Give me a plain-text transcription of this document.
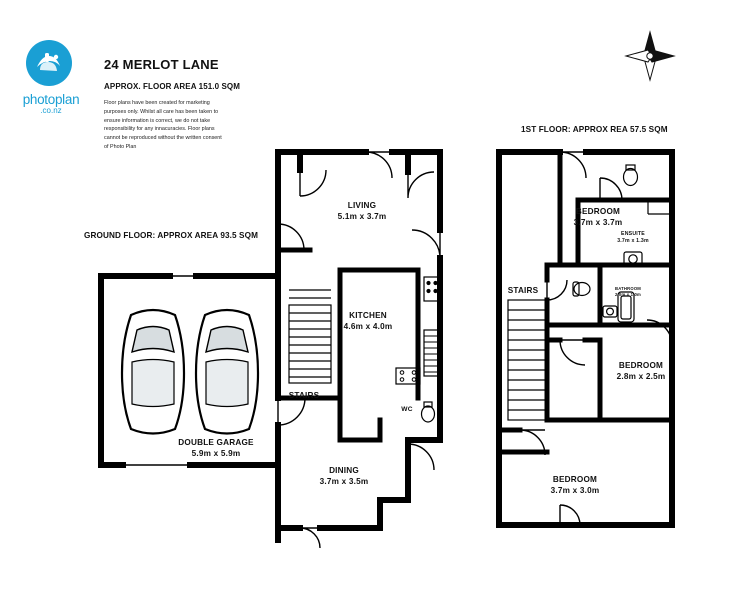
photoplan
.co.nz
24 MERLOT LANE
APPROX. FLOOR AREA 151.0 SQM
Floor plans have been created for marketing purposes only. Whilst all care has been taken to ensure information is correct, we do not take responsibility for any innacuracies. Floor plans cannot be reproduced without the written consent of Photo Plan
GROUND FLOOR: APPROX AREA 93.5 SQM
1ST FLOOR: APPROX REA 57.5 SQM
LIVING
5.1m x 3.7m
KITCHEN
4.6m x 4.0m
STAIRS
DOUBLE GARAGE
5.9m x 5.9m
DINING
3.7m x 3.5m
WC
BEDROOM
3.7m x 3.7m
ENSUITE
3.7m x 1.3m
BATHROOM
2.0m x 1.0m
BEDROOM
2.8m x 2.5m
BEDROOM
3.7m x 3.0m
STAIRS
